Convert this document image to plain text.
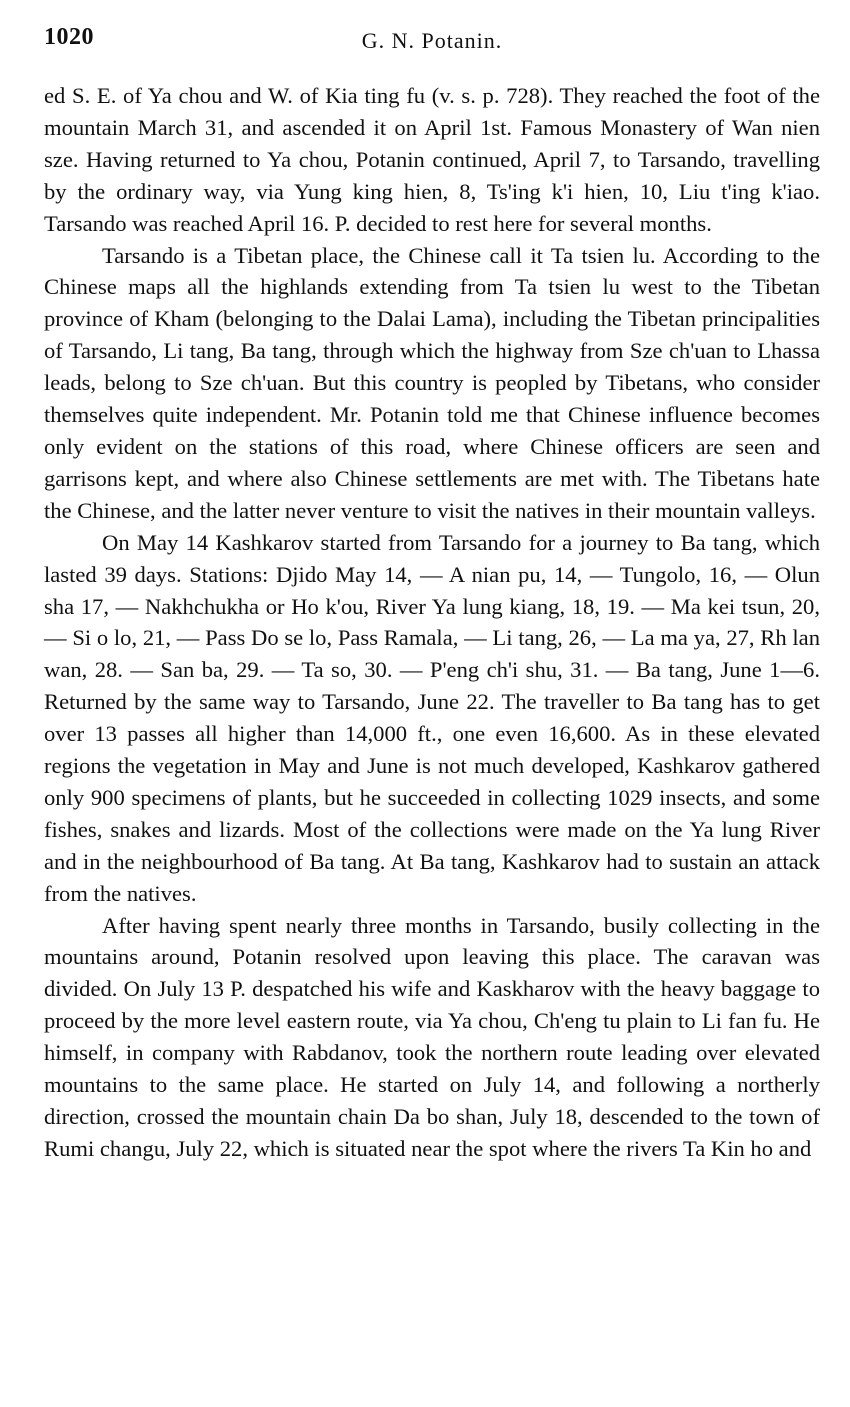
1020	G. N. Potanin.

ed S. E. of Ya chou and W. of Kia ting fu (v. s. p. 728). They reached the foot of the mountain March 31, and ascended it on April 1st. Famous Monastery of Wan nien sze. Having returned to Ya chou, Potanin continued, April 7, to Tarsando, travelling by the ordinary way, via Yung king hien, 8, Ts'ing k'i hien, 10, Liu t'ing k'iao. Tarsando was reached April 16. P. decided to rest here for several months.

Tarsando is a Tibetan place, the Chinese call it Ta tsien lu. According to the Chinese maps all the highlands extending from Ta tsien lu west to the Tibetan province of Kham (belonging to the Dalai Lama), including the Tibetan principalities of Tarsando, Li tang, Ba tang, through which the highway from Sze ch'uan to Lhassa leads, belong to Sze ch'uan. But this country is peopled by Tibetans, who consider themselves quite independent. Mr. Potanin told me that Chinese influence becomes only evident on the stations of this road, where Chinese officers are seen and garrisons kept, and where also Chinese settlements are met with. The Tibetans hate the Chinese, and the latter never venture to visit the natives in their mountain valleys.

On May 14 Kashkarov started from Tarsando for a journey to Ba tang, which lasted 39 days. Stations: Djido May 14, — A nian pu, 14, — Tungolo, 16, — Olun sha 17, — Nakhchukha or Ho k'ou, River Ya lung kiang, 18, 19. — Ma kei tsun, 20, — Si o lo, 21, — Pass Do se lo, Pass Ramala, — Li tang, 26, — La ma ya, 27, Rh lan wan, 28. — San ba, 29. — Ta so, 30. — P'eng ch'i shu, 31. — Ba tang, June 1—6. Returned by the same way to Tarsando, June 22. The traveller to Ba tang has to get over 13 passes all higher than 14,000 ft., one even 16,600. As in these elevated regions the vegetation in May and June is not much developed, Kashkarov gathered only 900 specimens of plants, but he succeeded in collecting 1029 insects, and some fishes, snakes and lizards. Most of the collections were made on the Ya lung River and in the neighbourhood of Ba tang. At Ba tang, Kashkarov had to sustain an attack from the natives.

After having spent nearly three months in Tarsando, busily collecting in the mountains around, Potanin resolved upon leaving this place. The caravan was divided. On July 13 P. despatched his wife and Kaskharov with the heavy baggage to proceed by the more level eastern route, via Ya chou, Ch'eng tu plain to Li fan fu. He himself, in company with Rabdanov, took the northern route leading over elevated mountains to the same place. He started on July 14, and following a northerly direction, crossed the mountain chain Da bo shan, July 18, descended to the town of Rumi changu, July 22, which is situated near the spot where the rivers Ta Kin ho and
